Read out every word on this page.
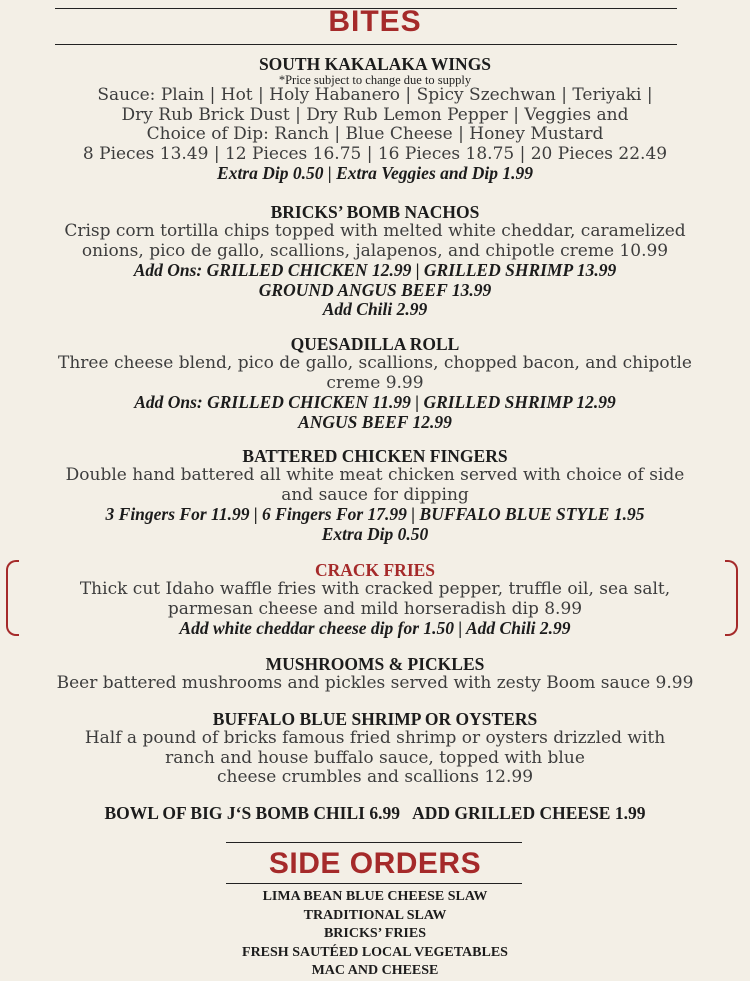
BITES
SOUTH KAKALAKA WINGS
*Price subject to change due to supply
Sauce: Plain | Hot | Holy Habanero | Spicy Szechwan | Teriyaki |
Dry Rub Brick Dust | Dry Rub Lemon Pepper | Veggies and
Choice of Dip: Ranch | Blue Cheese | Honey Mustard
8 Pieces 13.49 | 12 Pieces 16.75 | 16 Pieces 18.75 | 20 Pieces 22.49
Extra Dip 0.50 | Extra Veggies and Dip 1.99
BRICKS’ BOMB NACHOS
Crisp corn tortilla chips topped with melted white cheddar, caramelized
onions, pico de gallo, scallions, jalapenos, and chipotle creme 10.99
Add Ons: GRILLED CHICKEN 12.99 | GRILLED SHRIMP 13.99
GROUND ANGUS BEEF 13.99
Add Chili 2.99
QUESADILLA ROLL
Three cheese blend, pico de gallo, scallions, chopped bacon, and chipotle
creme 9.99
Add Ons: GRILLED CHICKEN 11.99 | GRILLED SHRIMP 12.99
ANGUS BEEF 12.99
BATTERED CHICKEN FINGERS
Double hand battered all white meat chicken served with choice of side
and sauce for dipping
3 Fingers For 11.99 | 6 Fingers For 17.99 | BUFFALO BLUE STYLE 1.95
Extra Dip 0.50
CRACK FRIES
Thick cut Idaho waffle fries with cracked pepper, truffle oil, sea salt,
parmesan cheese and mild horseradish dip 8.99
Add white cheddar cheese dip for 1.50 | Add Chili 2.99
MUSHROOMS & PICKLES
Beer battered mushrooms and pickles served with zesty Boom sauce 9.99
BUFFALO BLUE SHRIMP OR OYSTERS
Half a pound of bricks famous fried shrimp or oysters drizzled with
ranch and house buffalo sauce, topped with blue
cheese crumbles and scallions 12.99
BOWL OF BIG J‘S BOMB CHILI 6.99   ADD GRILLED CHEESE 1.99
SIDE ORDERS
LIMA BEAN BLUE CHEESE SLAW
TRADITIONAL SLAW
BRICKS’ FRIES
FRESH SAUTÉED LOCAL VEGETABLES
MAC AND CHEESE
